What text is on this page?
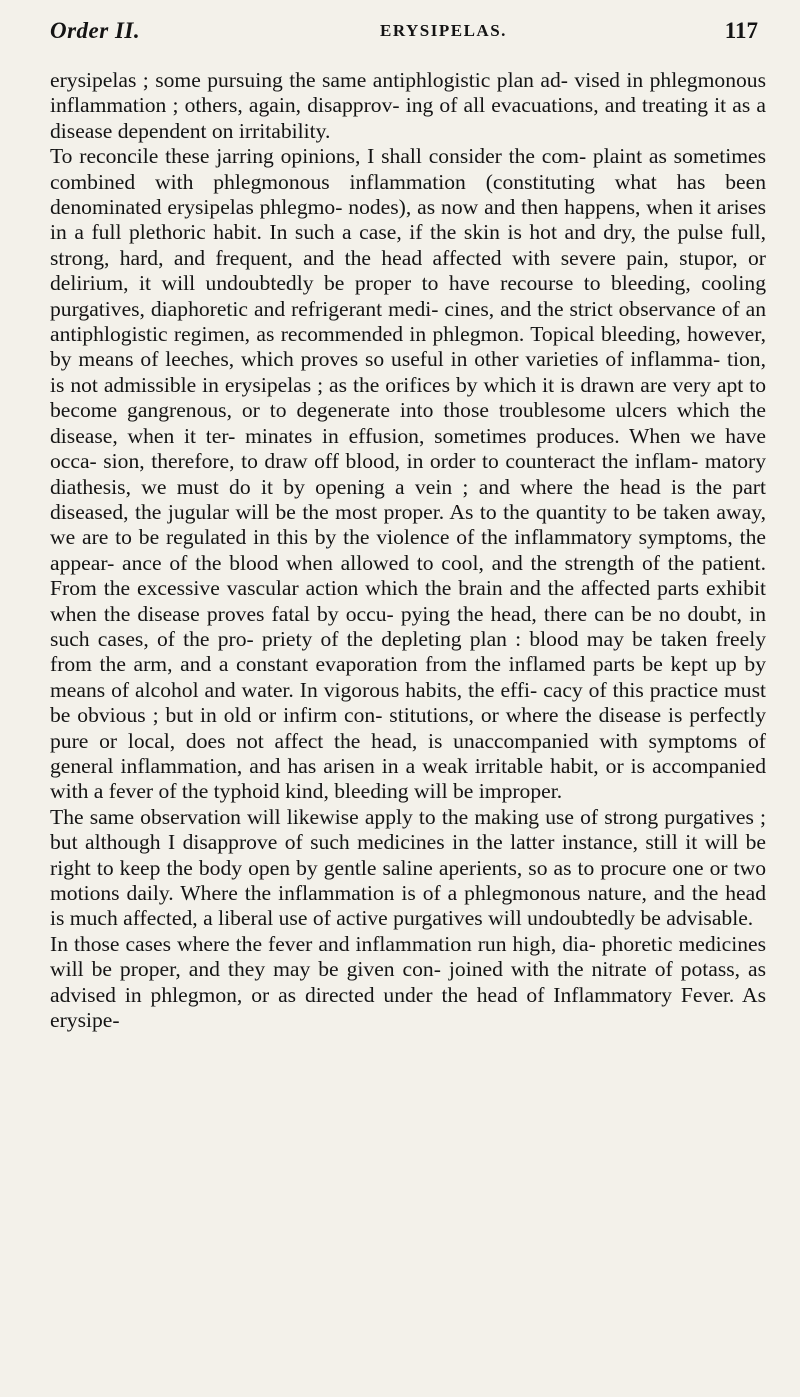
Order II.	ERYSIPELAS.	117

erysipelas ; some pursuing the same antiphlogistic plan ad- vised in phlegmonous inflammation ; others, again, disapprov- ing of all evacuations, and treating it as a disease dependent on irritability.

To reconcile these jarring opinions, I shall consider the com- plaint as sometimes combined with phlegmonous inflammation (constituting what has been denominated erysipelas phlegmo- nodes), as now and then happens, when it arises in a full plethoric habit. In such a case, if the skin is hot and dry, the pulse full, strong, hard, and frequent, and the head affected with severe pain, stupor, or delirium, it will undoubtedly be proper to have recourse to bleeding, cooling purgatives, diaphoretic and refrigerant medi- cines, and the strict observance of an antiphlogistic regimen, as recommended in phlegmon. Topical bleeding, however, by means of leeches, which proves so useful in other varieties of inflamma- tion, is not admissible in erysipelas ; as the orifices by which it is drawn are very apt to become gangrenous, or to degenerate into those troublesome ulcers which the disease, when it ter- minates in effusion, sometimes produces. When we have occa- sion, therefore, to draw off blood, in order to counteract the inflam- matory diathesis, we must do it by opening a vein ; and where the head is the part diseased, the jugular will be the most proper. As to the quantity to be taken away, we are to be regulated in this by the violence of the inflammatory symptoms, the appear- ance of the blood when allowed to cool, and the strength of the patient. From the excessive vascular action which the brain and the affected parts exhibit when the disease proves fatal by occu- pying the head, there can be no doubt, in such cases, of the pro- priety of the depleting plan : blood may be taken freely from the arm, and a constant evaporation from the inflamed parts be kept up by means of alcohol and water. In vigorous habits, the effi- cacy of this practice must be obvious ; but in old or infirm con- stitutions, or where the disease is perfectly pure or local, does not affect the head, is unaccompanied with symptoms of general inflammation, and has arisen in a weak irritable habit, or is accompanied with a fever of the typhoid kind, bleeding will be improper.

The same observation will likewise apply to the making use of strong purgatives ; but although I disapprove of such medicines in the latter instance, still it will be right to keep the body open by gentle saline aperients, so as to procure one or two motions daily. Where the inflammation is of a phlegmonous nature, and the head is much affected, a liberal use of active purgatives will undoubtedly be advisable.

In those cases where the fever and inflammation run high, dia- phoretic medicines will be proper, and they may be given con- joined with the nitrate of potass, as advised in phlegmon, or as directed under the head of Inflammatory Fever. As erysipe-
